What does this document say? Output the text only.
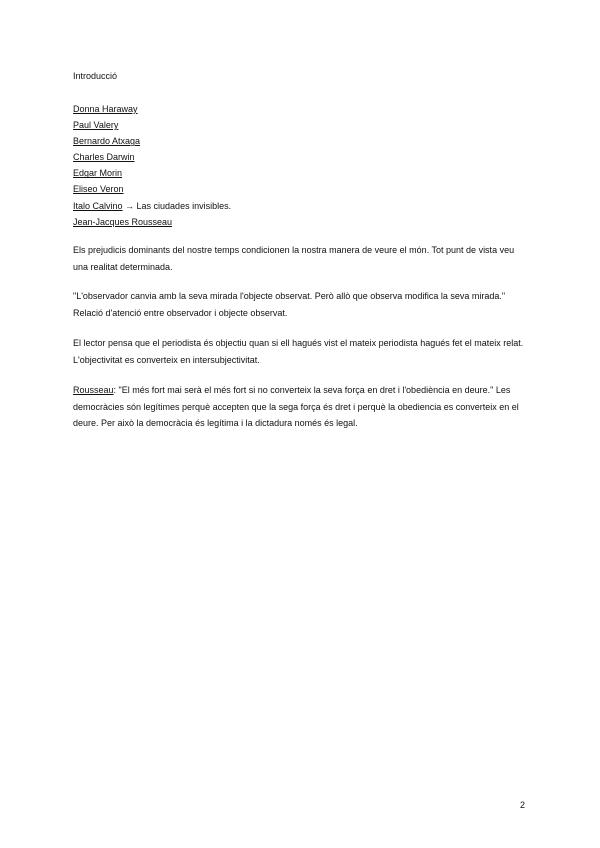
Introducció
Donna Haraway
Paul Valery
Bernardo Atxaga
Charles Darwin
Edgar Morin
Eliseo Veron
Italo Calvino → Las ciudades invisibles.
Jean-Jacques Rousseau
Els prejudicis dominants del nostre temps condicionen la nostra manera de veure el món. Tot punt de vista veu
una realitat determinada.
"L'observador canvia amb la seva mirada l'objecte observat. Però allò que observa modifica la seva mirada."
Relació d'atenció entre observador i objecte observat.
El lector pensa que el periodista és objectiu quan si ell hagués vist el mateix periodista hagués fet el mateix relat.
L'objectivitat es converteix en intersubjectivitat.
Rousseau: "El més fort mai serà el més fort si no converteix la seva força en dret i l'obediència en deure." Les
democràcies són legítimes perquè accepten que la sega força és dret i perquè la obediencia es converteix en el
deure. Per això la democràcia és legítima i la dictadura només és legal.
2
